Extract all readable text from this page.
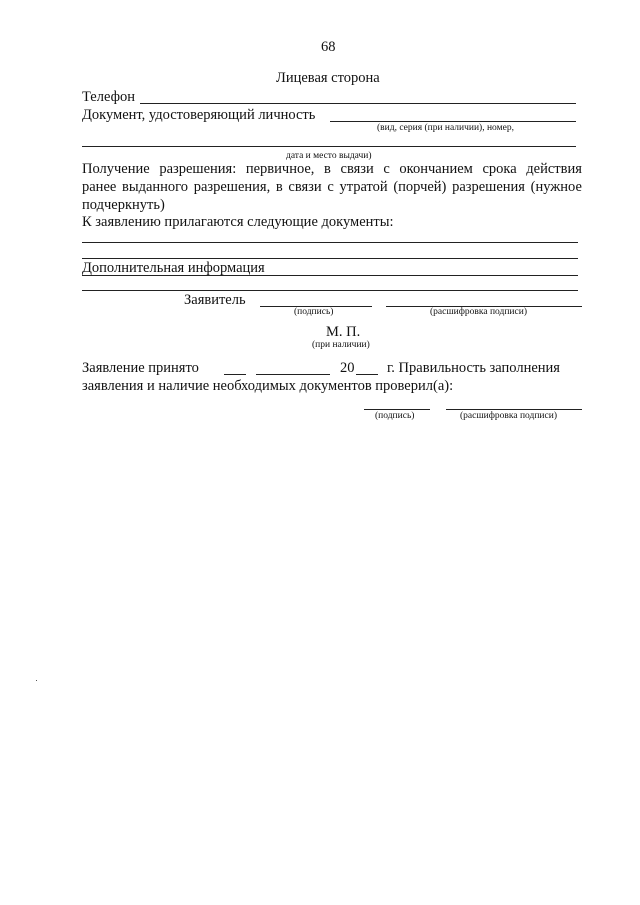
68
Лицевая сторона
Телефон
Документ, удостоверяющий личность
(вид, серия (при наличии), номер,
дата и место выдачи)
Получение разрешения: первичное, в связи с окончанием срока действия
ранее выданного разрешения, в связи с утратой (порчей) разрешения (нужное
подчеркнуть)
К заявлению прилагаются следующие документы:
Дополнительная информация
Заявитель
(подпись)	(расшифровка подписи)
М. П.
(при наличии)
Заявление принято	20 г. Правильность заполнения
заявления и наличие необходимых документов проверил(а):
(подпись)	(расшифровка подписи)
